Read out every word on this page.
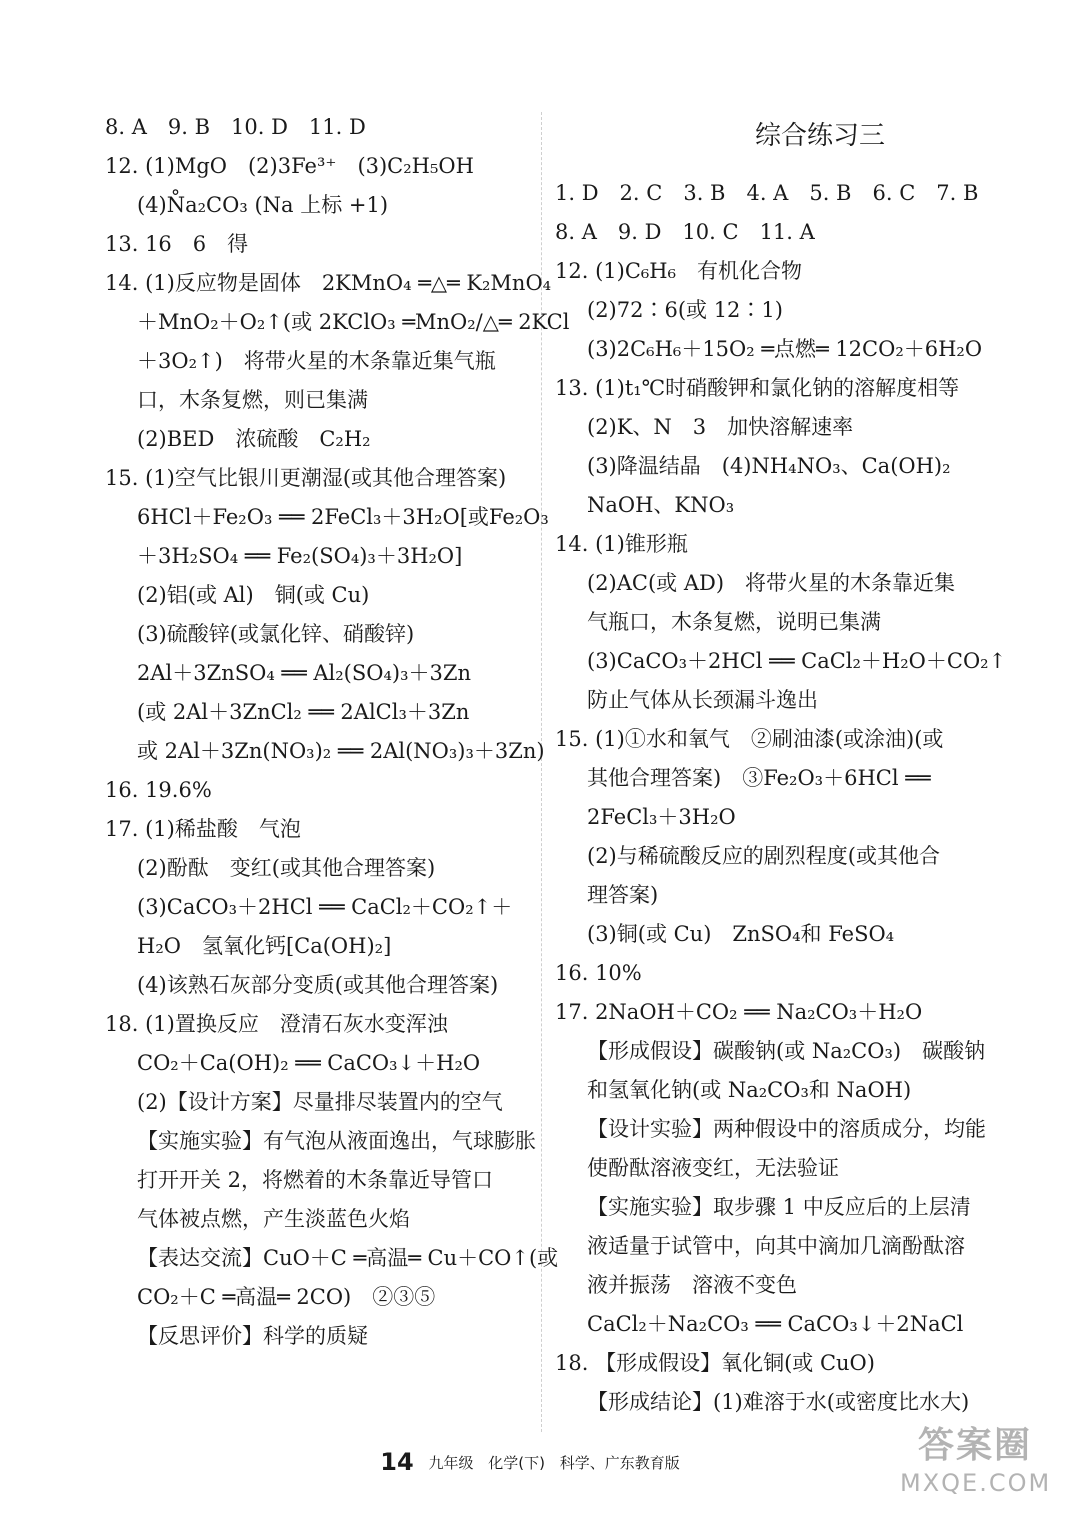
8. A　9. B　10. D　11. D
12. (1)MgO　(2)3Fe³⁺　(3)C₂H₅OH
(4)N̊a₂CO₃ (Na 上标 +1)
13. 16　6　得
14. (1)反应物是固体　2KMnO₄ ═△═ K₂MnO₄
＋MnO₂＋O₂↑(或 2KClO₃ ═MnO₂/△═ 2KCl
＋3O₂↑)　将带火星的木条靠近集气瓶
口，木条复燃，则已集满
(2)BED　浓硫酸　C₂H₂
15. (1)空气比银川更潮湿(或其他合理答案)
6HCl＋Fe₂O₃ ══ 2FeCl₃＋3H₂O[或Fe₂O₃
＋3H₂SO₄ ══ Fe₂(SO₄)₃＋3H₂O]
(2)铝(或 Al)　铜(或 Cu)
(3)硫酸锌(或氯化锌、硝酸锌)
2Al＋3ZnSO₄ ══ Al₂(SO₄)₃＋3Zn
(或 2Al＋3ZnCl₂ ══ 2AlCl₃＋3Zn
或 2Al＋3Zn(NO₃)₂ ══ 2Al(NO₃)₃＋3Zn)
16. 19.6%
17. (1)稀盐酸　气泡
(2)酚酞　变红(或其他合理答案)
(3)CaCO₃＋2HCl ══ CaCl₂＋CO₂↑＋
H₂O　氢氧化钙[Ca(OH)₂]
(4)该熟石灰部分变质(或其他合理答案)
18. (1)置换反应　澄清石灰水变浑浊
CO₂＋Ca(OH)₂ ══ CaCO₃↓＋H₂O
(2)【设计方案】尽量排尽装置内的空气
【实施实验】有气泡从液面逸出，气球膨胀
打开开关 2，将燃着的木条靠近导管口
气体被点燃，产生淡蓝色火焰
【表达交流】CuO＋C ═高温═ Cu＋CO↑(或
CO₂＋C ═高温═ 2CO)　②③⑤
【反思评价】科学的质疑
综合练习三
1. D　2. C　3. B　4. A　5. B　6. C　7. B
8. A　9. D　10. C　11. A
12. (1)C₆H₆　有机化合物
(2)72∶6(或 12∶1)
(3)2C₆H₆＋15O₂ ═点燃═ 12CO₂＋6H₂O
13. (1)t₁℃时硝酸钾和氯化钠的溶解度相等
(2)K、N　3　加快溶解速率
(3)降温结晶　(4)NH₄NO₃、Ca(OH)₂
NaOH、KNO₃
14. (1)锥形瓶
(2)AC(或 AD)　将带火星的木条靠近集
气瓶口，木条复燃，说明已集满
(3)CaCO₃＋2HCl ══ CaCl₂＋H₂O＋CO₂↑
防止气体从长颈漏斗逸出
15. (1)①水和氧气　②刷油漆(或涂油)(或
其他合理答案)　③Fe₂O₃＋6HCl ══
2FeCl₃＋3H₂O
(2)与稀硫酸反应的剧烈程度(或其他合
理答案)
(3)铜(或 Cu)　ZnSO₄和 FeSO₄
16. 10%
17. 2NaOH＋CO₂ ══ Na₂CO₃＋H₂O
【形成假设】碳酸钠(或 Na₂CO₃)　碳酸钠
和氢氧化钠(或 Na₂CO₃和 NaOH)
【设计实验】两种假设中的溶质成分，均能
使酚酞溶液变红，无法验证
【实施实验】取步骤 1 中反应后的上层清
液适量于试管中，向其中滴加几滴酚酞溶
液并振荡　溶液不变色
CaCl₂＋Na₂CO₃ ══ CaCO₃↓＋2NaCl
18. 【形成假设】氧化铜(或 CuO)
【形成结论】(1)难溶于水(或密度比水大)
14 九年级 化学(下) 科学、广东教育版	答案圈
MXQE.COM
